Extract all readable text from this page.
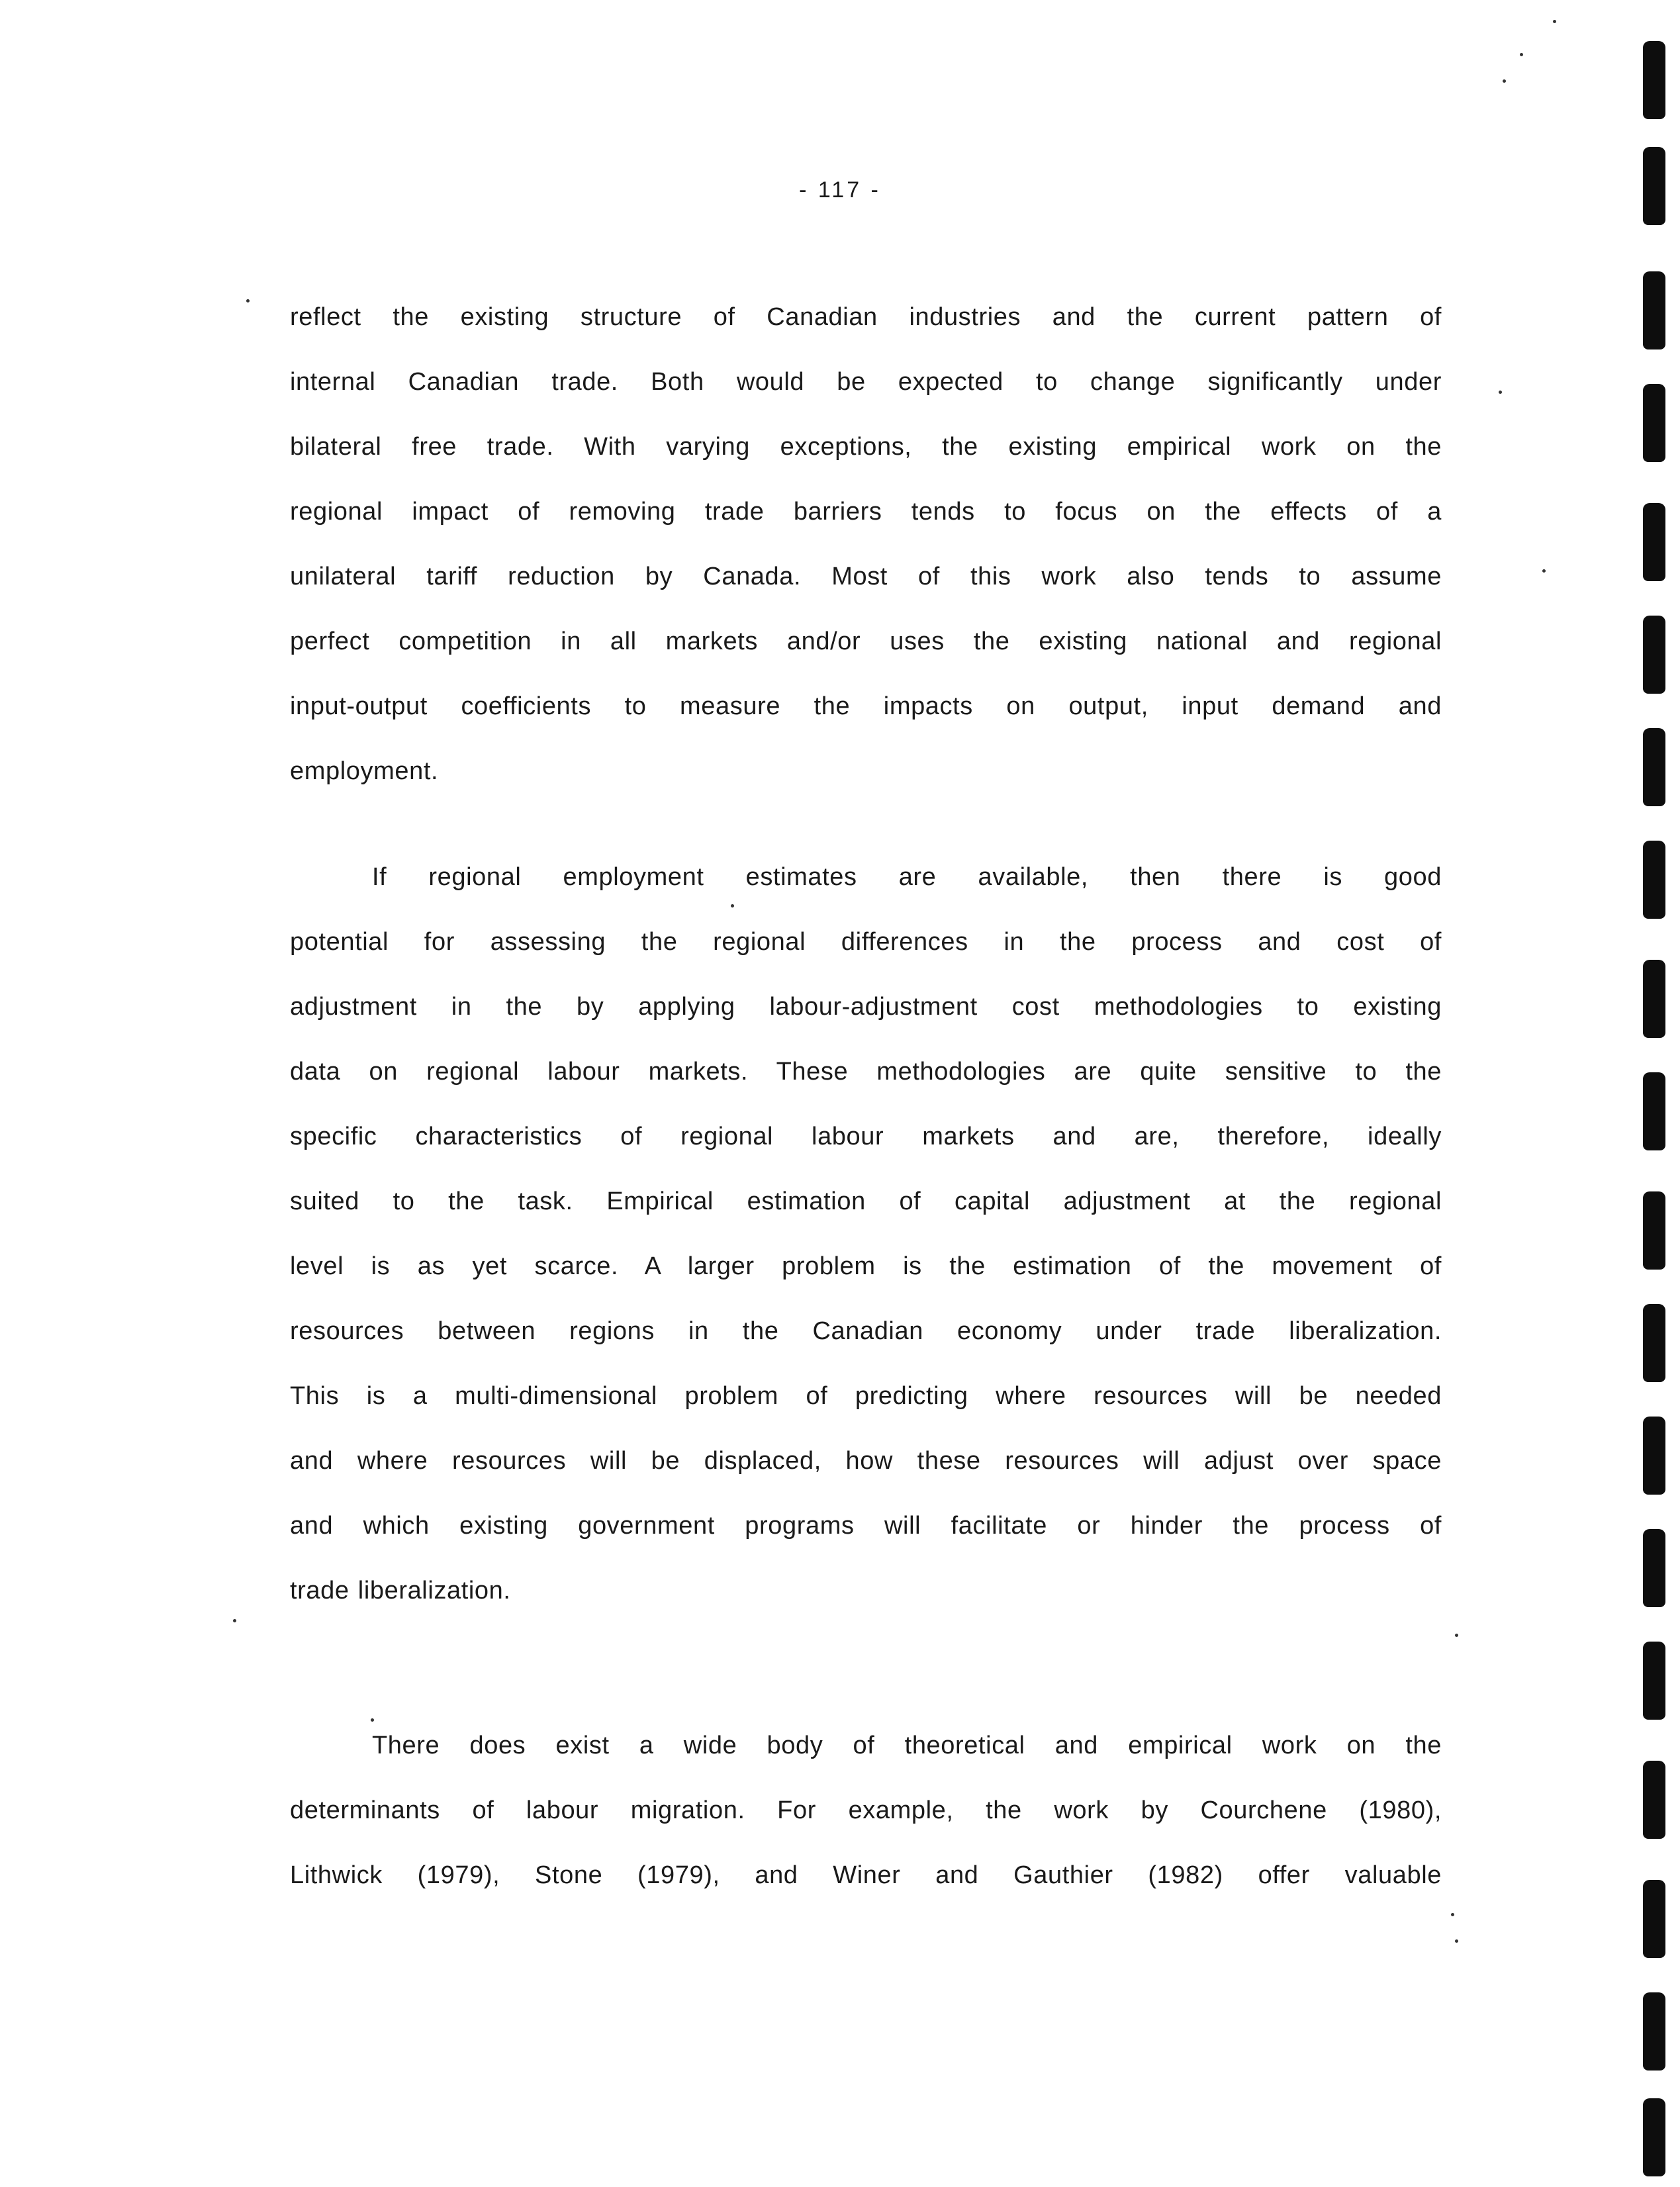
- 117 -
reflect the existing structure of Canadian industries and the current pattern of
internal Canadian trade. Both would be expected to change significantly under
bilateral free trade. With varying exceptions, the existing empirical work on the
regional impact of removing trade barriers tends to focus on the effects of a
unilateral tariff reduction by Canada. Most of this work also tends to assume
perfect competition in all markets and/or uses the existing national and regional
input-output coefficients to measure the impacts on output, input demand and
employment.
If regional employment estimates are available, then there is good
potential for assessing the regional differences in the process and cost of
adjustment in the by applying labour-adjustment cost methodologies to existing
data on regional labour markets. These methodologies are quite sensitive to the
specific characteristics of regional labour markets and are, therefore, ideally
suited to the task. Empirical estimation of capital adjustment at the regional
level is as yet scarce. A larger problem is the estimation of the movement of
resources between regions in the Canadian economy under trade liberalization.
This is a multi-dimensional problem of predicting where resources will be needed
and where resources will be displaced, how these resources will adjust over space
and which existing government programs will facilitate or hinder the process of
trade liberalization.
There does exist a wide body of theoretical and empirical work on the
determinants of labour migration. For example, the work by Courchene (1980),
Lithwick (1979), Stone (1979), and Winer and Gauthier (1982) offer valuable
